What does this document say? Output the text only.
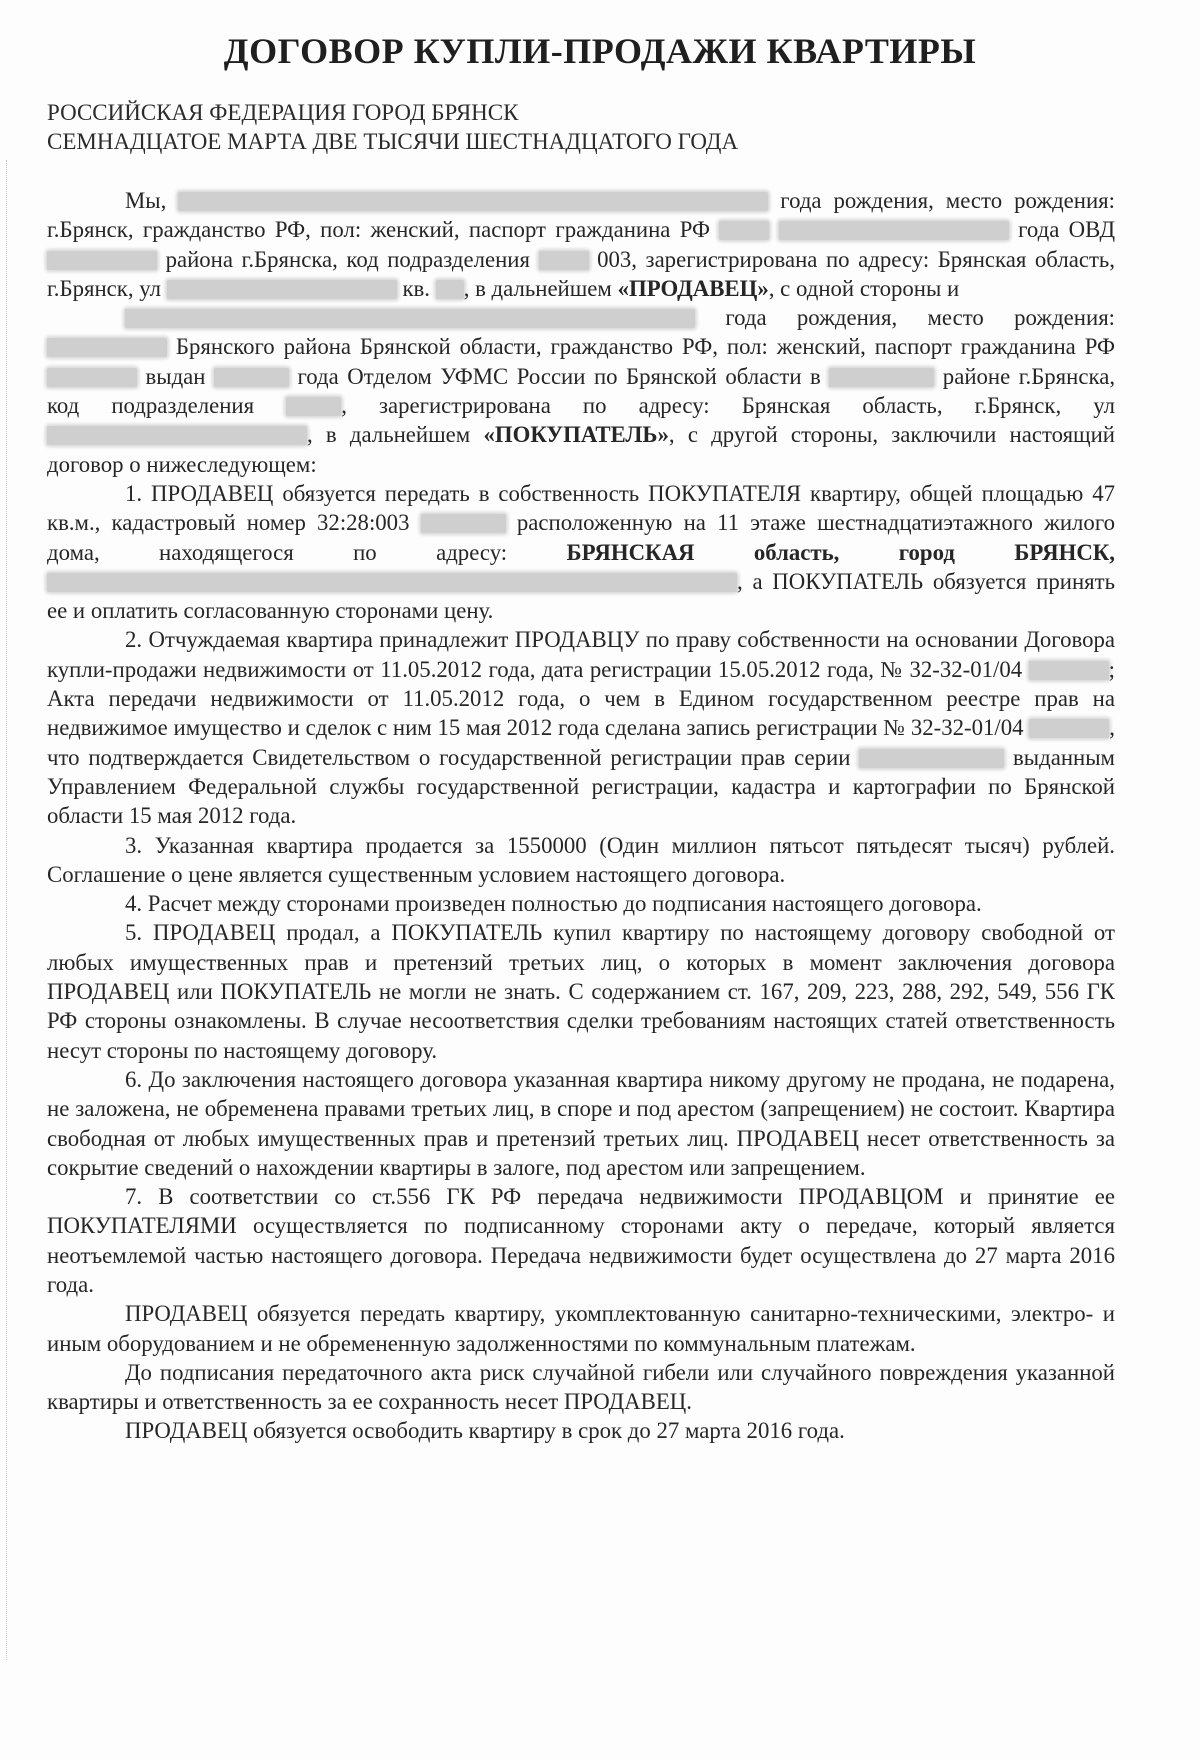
ДОГОВОР КУПЛИ-ПРОДАЖИ КВАРТИРЫ
РОССИЙСКАЯ ФЕДЕРАЦИЯ ГОРОД БРЯНСК
СЕМНАДЦАТОЕ МАРТА ДВЕ ТЫСЯЧИ ШЕСТНАДЦАТОГО ГОДА

Мы,	года рождения, место рождения: г.Брянск, гражданство РФ, пол: женский, паспорт гражданина РФ	года ОВД  района г.Брянска, код подразделения	003, зарегистрирована по адресу: Брянская область, г.Брянск, ул	кв. , в дальнейшем «ПРОДАВЕЦ», с одной стороны и

года рождения, место рождения:  Брянского района Брянской области, гражданство РФ, пол: женский, паспорт гражданина РФ  выдан	года Отделом УФМС России по Брянской области в	районе г.Брянска, код подразделения	, зарегистрирована по адресу: Брянская область, г.Брянск, ул , в дальнейшем «ПОКУПАТЕЛЬ», с другой стороны, заключили настоящий договор о нижеследующем:

1. ПРОДАВЕЦ обязуется передать в собственность ПОКУПАТЕЛЯ квартиру, общей площадью 47 кв.м., кадастровый номер 32:28:003	расположенную на 11 этаже шестнадцатиэтажного жилого дома, находящегося по адресу:	БРЯНСКАЯ область, город БРЯНСК, , а ПОКУПАТЕЛЬ обязуется принять ее и оплатить согласованную сторонами цену.

2. Отчуждаемая квартира принадлежит ПРОДАВЦУ по праву собственности на основании Договора купли-продажи недвижимости от 11.05.2012 года, дата регистрации 15.05.2012 года, № 32-32-01/04	; Акта передачи недвижимости от 11.05.2012 года, о чем в Едином государственном реестре прав на недвижимое имущество и сделок с ним 15 мая 2012 года сделана запись регистрации № 32-32-01/04	, что подтверждается Свидетельством о государственной регистрации прав серии	выданным Управлением Федеральной службы государственной регистрации, кадастра и картографии по Брянской области 15 мая 2012 года.

3. Указанная квартира продается за 1550000 (Один миллион пятьсот пятьдесят тысяч) рублей. Соглашение о цене является существенным условием настоящего договора.

4. Расчет между сторонами произведен полностью до подписания настоящего договора.

5. ПРОДАВЕЦ продал, а ПОКУПАТЕЛЬ купил квартиру по настоящему договору свободной от любых имущественных прав и претензий третьих лиц, о которых в момент заключения договора ПРОДАВЕЦ или ПОКУПАТЕЛЬ не могли не знать. С содержанием ст. 167, 209, 223, 288, 292, 549, 556 ГК РФ стороны ознакомлены. В случае несоответствия сделки требованиям настоящих статей ответственность несут стороны по настоящему договору.

6. До заключения настоящего договора указанная квартира никому другому не продана, не подарена, не заложена, не обременена правами третьих лиц, в споре и под арестом (запрещением) не состоит. Квартира свободная от любых имущественных прав и претензий третьих лиц. ПРОДАВЕЦ несет ответственность за сокрытие сведений о нахождении квартиры в залоге, под арестом или запрещением.

7. В соответствии со ст.556 ГК РФ передача недвижимости ПРОДАВЦОМ и принятие ее ПОКУПАТЕЛЯМИ осуществляется по подписанному сторонами акту о передаче, который является неотъемлемой частью настоящего договора. Передача недвижимости будет осуществлена до 27 марта 2016 года.

ПРОДАВЕЦ обязуется передать квартиру, укомплектованную санитарно-техническими, электро- и иным оборудованием и не обремененную задолженностями по коммунальным платежам.

До подписания передаточного акта риск случайной гибели или случайного повреждения указанной квартиры и ответственность за ее сохранность несет ПРОДАВЕЦ.

ПРОДАВЕЦ обязуется освободить квартиру в срок до 27 марта 2016 года.
